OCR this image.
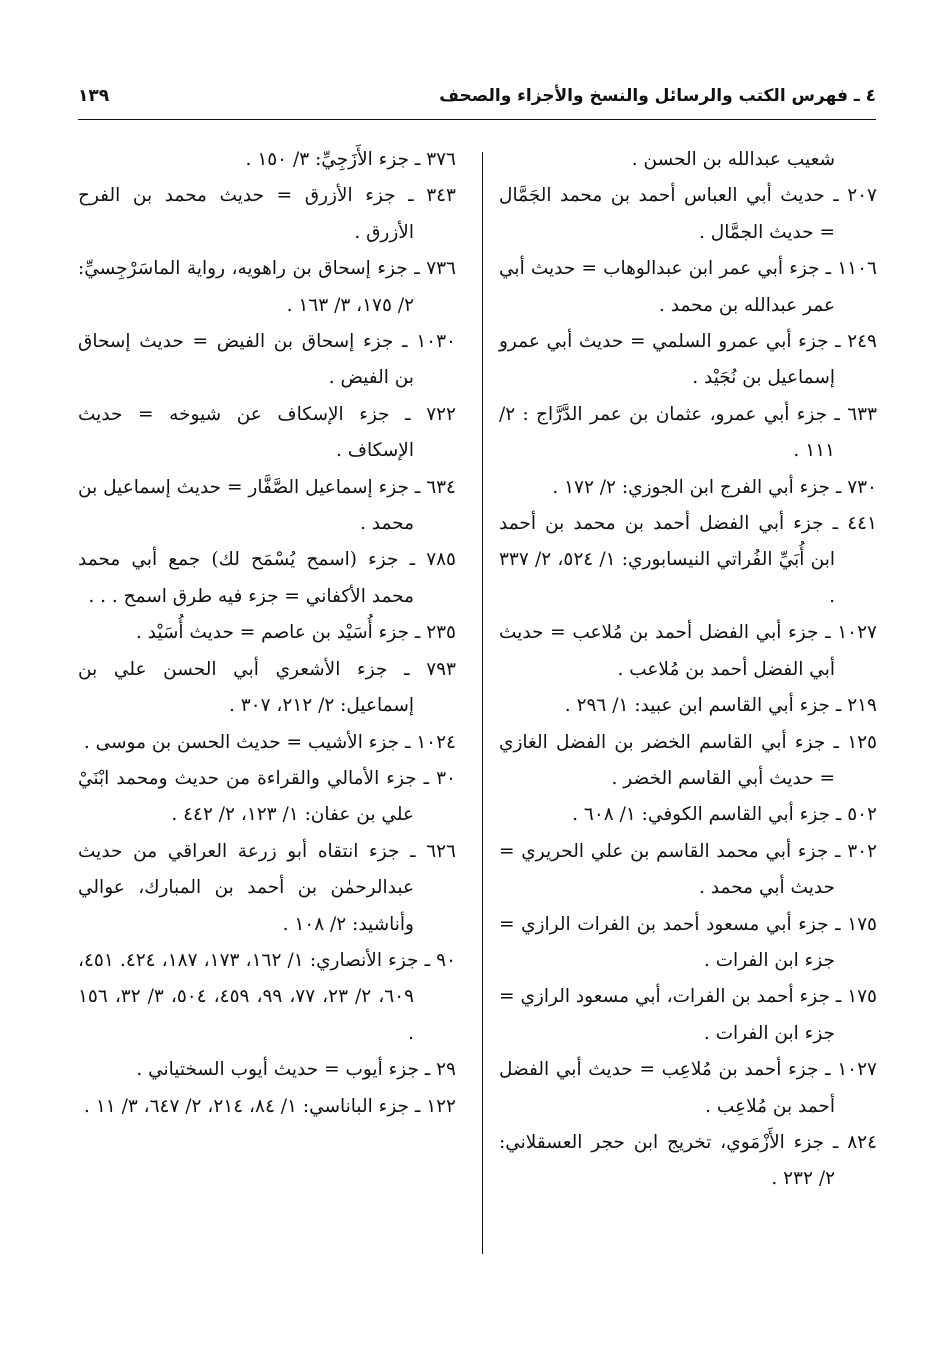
٤ ـ فهرس الكتب والرسائل والنسخ والأجزاء والصحف
١٣٩

شعيب عبدالله بن الحسن .

٢٠٧ ـ حديث أبي العباس أحمد بن محمد الجَمَّال = حديث الجمَّال .

١١٠٦ ـ جزء أبي عمر ابن عبدالوهاب = حديث أبي عمر عبدالله بن محمد .

٢٤٩ ـ جزء أبي عمرو السلمي = حديث أبي عمرو إسماعيل بن نُجَيْد .

٦٣٣ ـ جزء أبي عمرو، عثمان بن عمر الدَّرَّاج : ٢/ ١١١ .

٧٣٠ ـ جزء أبي الفرج ابن الجوزي: ٢/ ١٧٢ .

٤٤١ ـ جزء أبي الفضل أحمد بن محمد بن أحمد ابن أُبَيِّ الفُراتي النيسابوري: ١/ ٥٢٤، ٢/ ٣٣٧ .

١٠٢٧ ـ جزء أبي الفضل أحمد بن مُلاعب = حديث أبي الفضل أحمد بن مُلاعب .

٢١٩ ـ جزء أبي القاسم ابن عبيد: ١/ ٢٩٦ .

١٢٥ ـ جزء أبي القاسم الخضر بن الفضل الغازي = حديث أبي القاسم الخضر .

٥٠٢ ـ جزء أبي القاسم الكوفي: ١/ ٦٠٨ .

٣٠٢ ـ جزء أبي محمد القاسم بن علي الحريري = حديث أبي محمد .

١٧٥ ـ جزء أبي مسعود أحمد بن الفرات الرازي = جزء ابن الفرات .

١٧٥ ـ جزء أحمد بن الفرات، أبي مسعود الرازي = جزء ابن الفرات .

١٠٢٧ ـ جزء أحمد بن مُلاعِب = حديث أبي الفضل أحمد بن مُلاعِب .

٨٢٤ ـ جزء الأَزْمَوي، تخريج ابن حجر العسقلاني: ٢/ ٢٣٢ .

٣٧٦ ـ جزء الأَزَجِيِّ: ٣/ ١٥٠ .

٣٤٣ ـ جزء الأزرق = حديث محمد بن الفرح الأزرق .

٧٣٦ ـ جزء إسحاق بن راهويه، رواية الماسَرْجِسيِّ: ٢/ ١٧٥، ٣/ ١٦٣ .

١٠٣٠ ـ جزء إسحاق بن الفيض = حديث إسحاق بن الفيض .

٧٢٢ ـ جزء الإسكاف عن شيوخه = حديث الإسكاف .

٦٣٤ ـ جزء إسماعيل الصَّفَّار = حديث إسماعيل بن محمد .

٧٨٥ ـ جزء (اسمح يُسْمَح لك) جمع أبي محمد محمد الأكفاني = جزء فيه طرق اسمح . . .

٢٣٥ ـ جزء أُسَيْد بن عاصم = حديث أُسَيْد .

٧٩٣ ـ جزء الأشعري أبي الحسن علي بن إسماعيل: ٢/ ٢١٢، ٣٠٧ .

١٠٢٤ ـ جزء الأشيب = حديث الحسن بن موسى .

٣٠ ـ جزء الأمالي والقراءة من حديث ومحمد ابْنَيْ علي بن عفان: ١/ ١٢٣، ٢/ ٤٤٢ .

٦٢٦ ـ جزء انتقاه أبو زرعة العراقي من حديث عبدالرحمٰن بن أحمد بن المبارك، عوالي وأناشيد: ٢/ ١٠٨ .

٩٠ ـ جزء الأنصاري: ١/ ١٦٢، ١٧٣، ١٨٧، ٤٢٤. ٤٥١، ٦٠٩، ٢/ ٢٣، ٧٧، ٩٩، ٤٥٩، ٥٠٤، ٣/ ٣٢، ١٥٦ .

٢٩ ـ جزء أيوب = حديث أيوب السختياني .

١٢٢ ـ جزء الباناسي: ١/ ٨٤، ٢١٤، ٢/ ٦٤٧، ٣/ ١١ .
